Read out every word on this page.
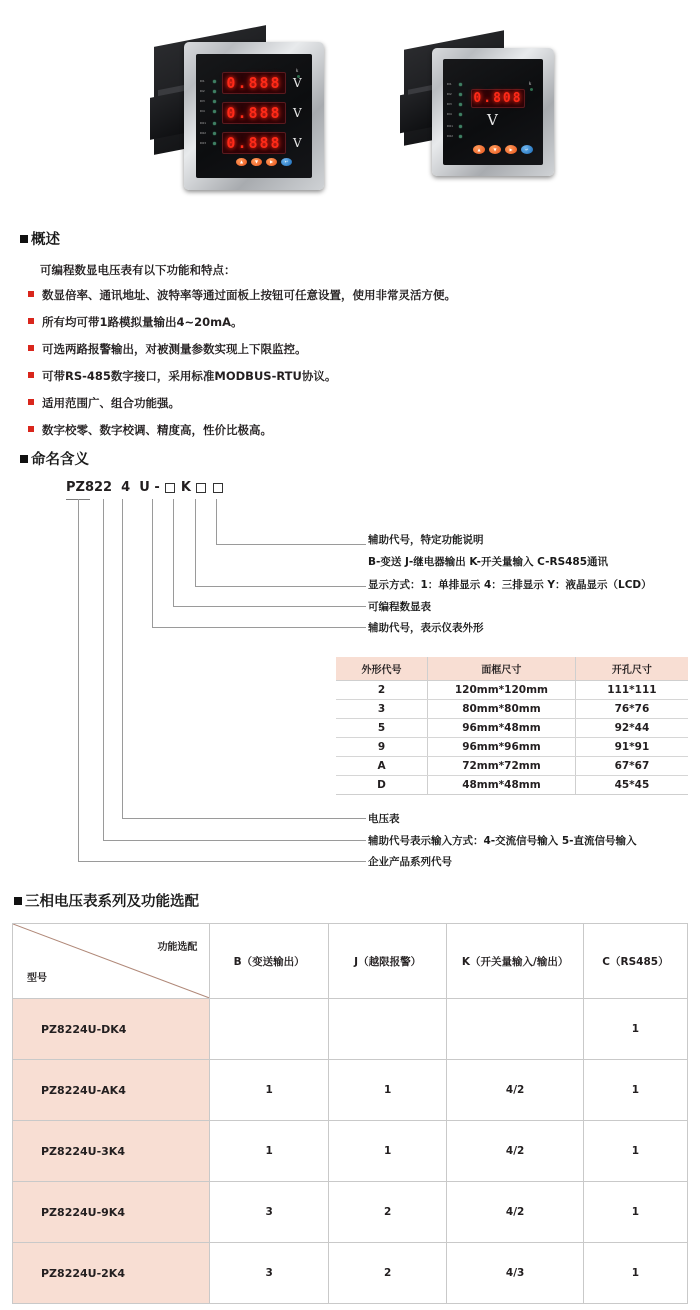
DI1
DI2
DI3
DI4
DO1
DO2
DO3
0.888
0.888
0.888
k
V
V
V
▲	▼	▶	↵
DI1
DI2
DI3
DI4
DO1
DO2
0.808
k
V
▲	▼	▶	↵
概述
可编程数显电压表有以下功能和特点：
数显倍率、通讯地址、波特率等通过面板上按钮可任意设置，使用非常灵活方便。
所有均可带1路模拟量输出4~20mA。
可选两路报警输出，对被测量参数实现上下限监控。
可带RS-485数字接口，采用标准MODBUS-RTU协议。
适用范围广、组合功能强。
数字校零、数字校调、精度高，性价比极高。
命名含义
PZ822
4
U
-

K

辅助代号，特定功能说明
B-变送 J-继电器输出 K-开关量输入 C-RS485通讯
显示方式：1：单排显示 4：三排显示 Y：液晶显示（LCD）
可编程数显表
辅助代号，表示仪表外形
电压表
辅助代号表示输入方式：4-交流信号输入 5-直流信号输入
企业产品系列代号
外形代号	面框尺寸	开孔尺寸
2	120mm*120mm	111*111
3	80mm*80mm	76*76
5	96mm*48mm	92*44
9	96mm*96mm	91*91
A	72mm*72mm	67*67
D	48mm*48mm	45*45
三相电压表系列及功能选配
功能选配
型号	B（变送输出）	J（越限报警）	K（开关量输入/输出）	C（RS485）
PZ8224U-DK4				1
PZ8224U-AK4	1	1	4/2	1
PZ8224U-3K4	1	1	4/2	1
PZ8224U-9K4	3	2	4/2	1
PZ8224U-2K4	3	2	4/3	1
